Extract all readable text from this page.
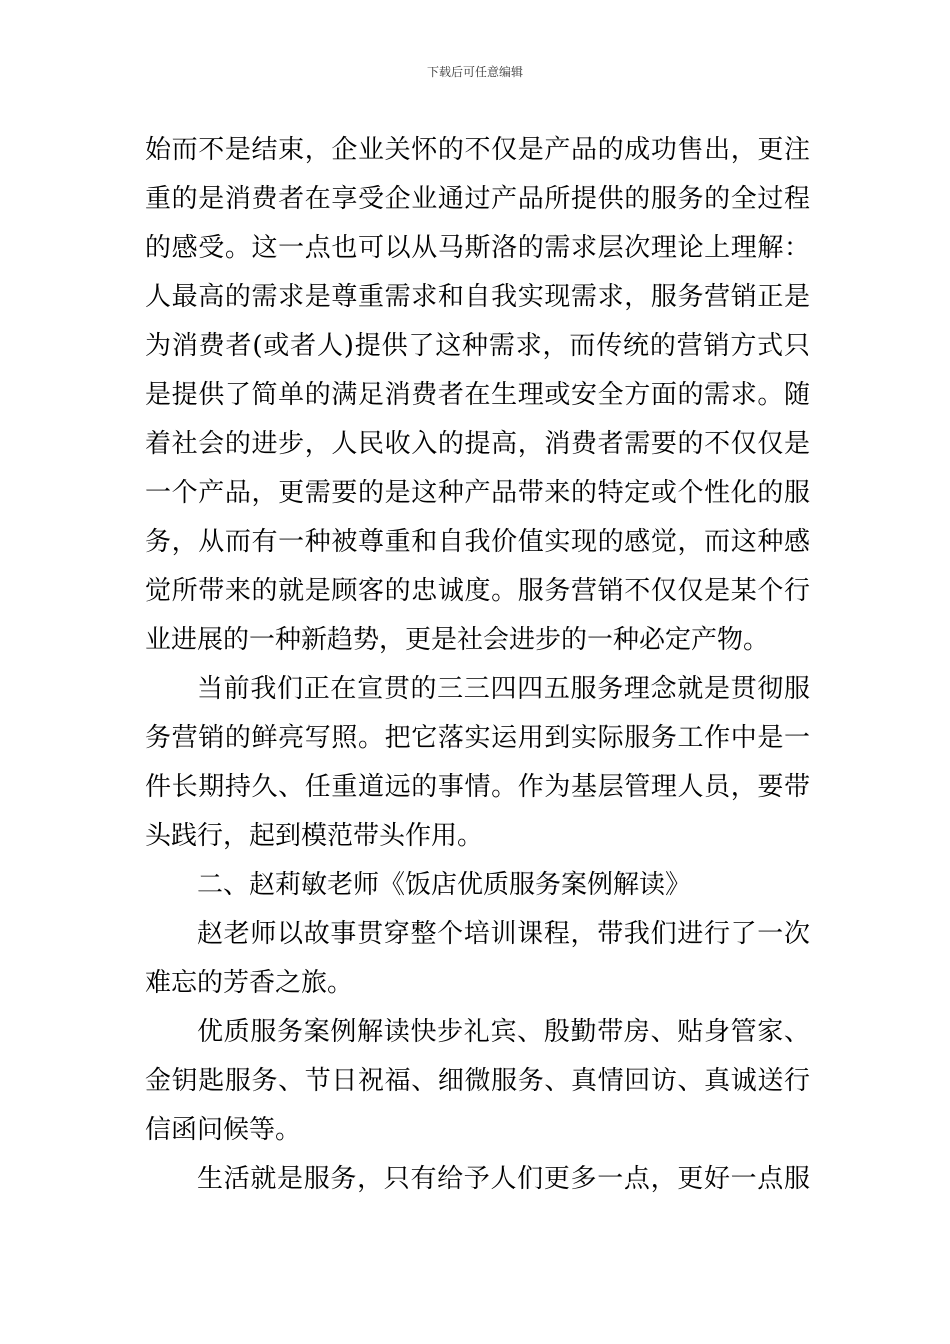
下载后可任意编辑
始而不是结束，企业关怀的不仅是产品的成功售出，更注
重的是消费者在享受企业通过产品所提供的服务的全过程
的感受。这一点也可以从马斯洛的需求层次理论上理解：
人最高的需求是尊重需求和自我实现需求，服务营销正是
为消费者(或者人)提供了这种需求，而传统的营销方式只
是提供了简单的满足消费者在生理或安全方面的需求。随
着社会的进步，人民收入的提高，消费者需要的不仅仅是
一个产品，更需要的是这种产品带来的特定或个性化的服
务，从而有一种被尊重和自我价值实现的感觉，而这种感
觉所带来的就是顾客的忠诚度。服务营销不仅仅是某个行
业进展的一种新趋势，更是社会进步的一种必定产物。
当前我们正在宣贯的三三四四五服务理念就是贯彻服
务营销的鲜亮写照。把它落实运用到实际服务工作中是一
件长期持久、任重道远的事情。作为基层管理人员，要带
头践行，起到模范带头作用。
二、赵莉敏老师《饭店优质服务案例解读》
赵老师以故事贯穿整个培训课程，带我们进行了一次
难忘的芳香之旅。
优质服务案例解读快步礼宾、殷勤带房、贴身管家、
金钥匙服务、节日祝福、细微服务、真情回访、真诚送行
信函问候等。
生活就是服务，只有给予人们更多一点，更好一点服
